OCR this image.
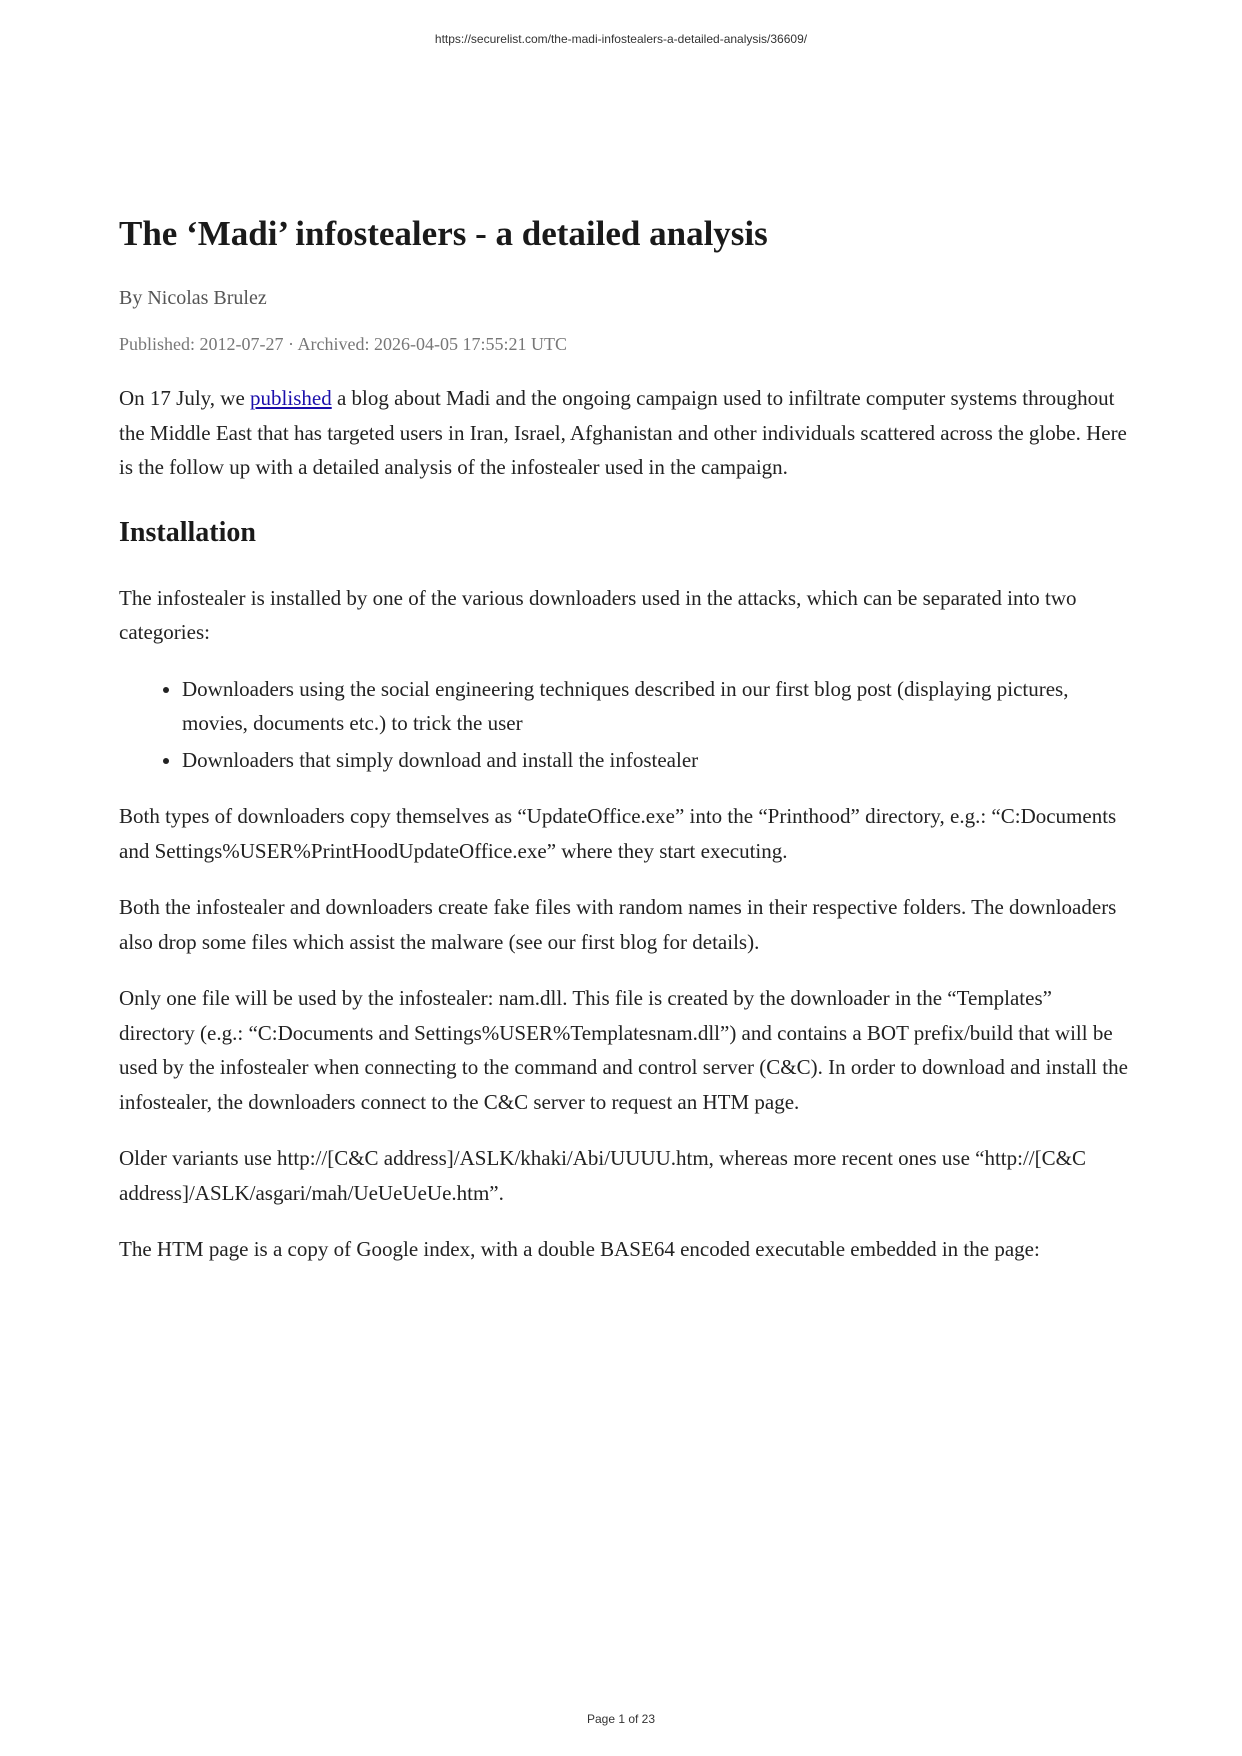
https://securelist.com/the-madi-infostealers-a-detailed-analysis/36609/
The ‘Madi’ infostealers - a detailed analysis
By Nicolas Brulez
Published: 2012-07-27 · Archived: 2026-04-05 17:55:21 UTC

On 17 July, we published a blog about Madi and the ongoing campaign used to infiltrate computer systems throughout the Middle East that has targeted users in Iran, Israel, Afghanistan and other individuals scattered across the globe. Here is the follow up with a detailed analysis of the infostealer used in the campaign.

Installation

The infostealer is installed by one of the various downloaders used in the attacks, which can be separated into two categories:

• Downloaders using the social engineering techniques described in our first blog post (displaying pictures, movies, documents etc.) to trick the user
• Downloaders that simply download and install the infostealer

Both types of downloaders copy themselves as “UpdateOffice.exe” into the “Printhood” directory, e.g.: “C:Documents and Settings%USER%PrintHoodUpdateOffice.exe” where they start executing.

Both the infostealer and downloaders create fake files with random names in their respective folders. The downloaders also drop some files which assist the malware (see our first blog for details).

Only one file will be used by the infostealer: nam.dll. This file is created by the downloader in the “Templates” directory (e.g.: “C:Documents and Settings%USER%Templatesnam.dll”) and contains a BOT prefix/build that will be used by the infostealer when connecting to the command and control server (C&C). In order to download and install the infostealer, the downloaders connect to the C&C server to request an HTM page.

Older variants use http://[C&C address]/ASLK/khaki/Abi/UUUU.htm, whereas more recent ones use “http://[C&C address]/ASLK/asgari/mah/UeUeUeUe.htm”.

The HTM page is a copy of Google index, with a double BASE64 encoded executable embedded in the page:

Page 1 of 23
